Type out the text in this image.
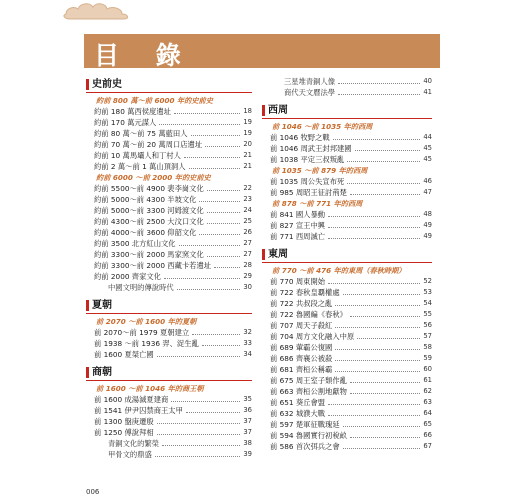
目 錄
史前史
約前 800 萬～前 6000 年的史前史
約前 180 萬西侯度遺址	18
約前 170 萬元謀人	19
約前 80 萬～前 75 萬藍田人	19
約前 70 萬～前 20 萬周口店遺址	20
約前 10 萬馬壩人和丁村人	21
約前 2 萬～前 1 萬山頂洞人	21
約前 6000 ～前 2000 年的史前史
約前 5500～前 4900 裴李崗文化	22
約前 5000～前 4300 半坡文化	23
約前 5000～前 3300 河姆渡文化	24
約前 4300～前 2500 大汶口文化	25
約前 4000～前 3600 仰韶文化	26
約前 3500 北方紅山文化	27
約前 3300～前 2000 馬家窯文化	27
約前 3300～前 2000 西藏卡若遺址	28
約前 2000 齊家文化	29
中國文明的傳說時代	30
夏朝
前 2070 ～前 1600 年的夏朝
前 2070～前 1979 夏朝建立	32
前 1938 ～前 1936 羿、浞生亂	33
前 1600 夏桀亡國	34
商朝
前 1600 ～前 1046 年的商王朝
前 1600 成湯滅夏建商	35
前 1541 伊尹囚禁商王太甲	36
前 1300 盤庚遷殷	37
前 1250 傅說拜相	37
青銅文化的繁榮	38
甲骨文的鼎盛	39
三星堆青銅人像	40
商代天文曆法學	41
西周
前 1046 ～前 1035 年的西周
前 1046 牧野之戰	44
前 1046 周武王封邦建國	45
前 1038 平定三叔叛亂	45
前 1035 ～前 879 年的西周
前 1035 周公失宣布死	46
前 985 周昭王征討荊楚	47
前 878 ～前 771 年的西周
前 841 國人暴動	48
前 827 宣王中興	49
前 771 西周滅亡	49
東周
前 770 ～前 476 年的東周（春秋時期）
前 770 周東開始	52
前 722 春秋皇覇權處	53
前 722 共叔段之亂	54
前 722 魯國編《春秋》	55
前 707 周天子殺紅	56
前 704 周方文化融入中原	57
前 689 葷霸公復國	58
前 686 齊襄公被殺	59
前 681 齊桓公稱霸	60
前 675 周王室子頹作亂	61
前 663 齊桓公割地獻物	62
前 651 葵丘會盟	63
前 632 城濮大戰	64
前 597 楚軍征戰瑰延	65
前 594 魯國實行初稅畝	66
前 586 首次弭兵之會	67
006
